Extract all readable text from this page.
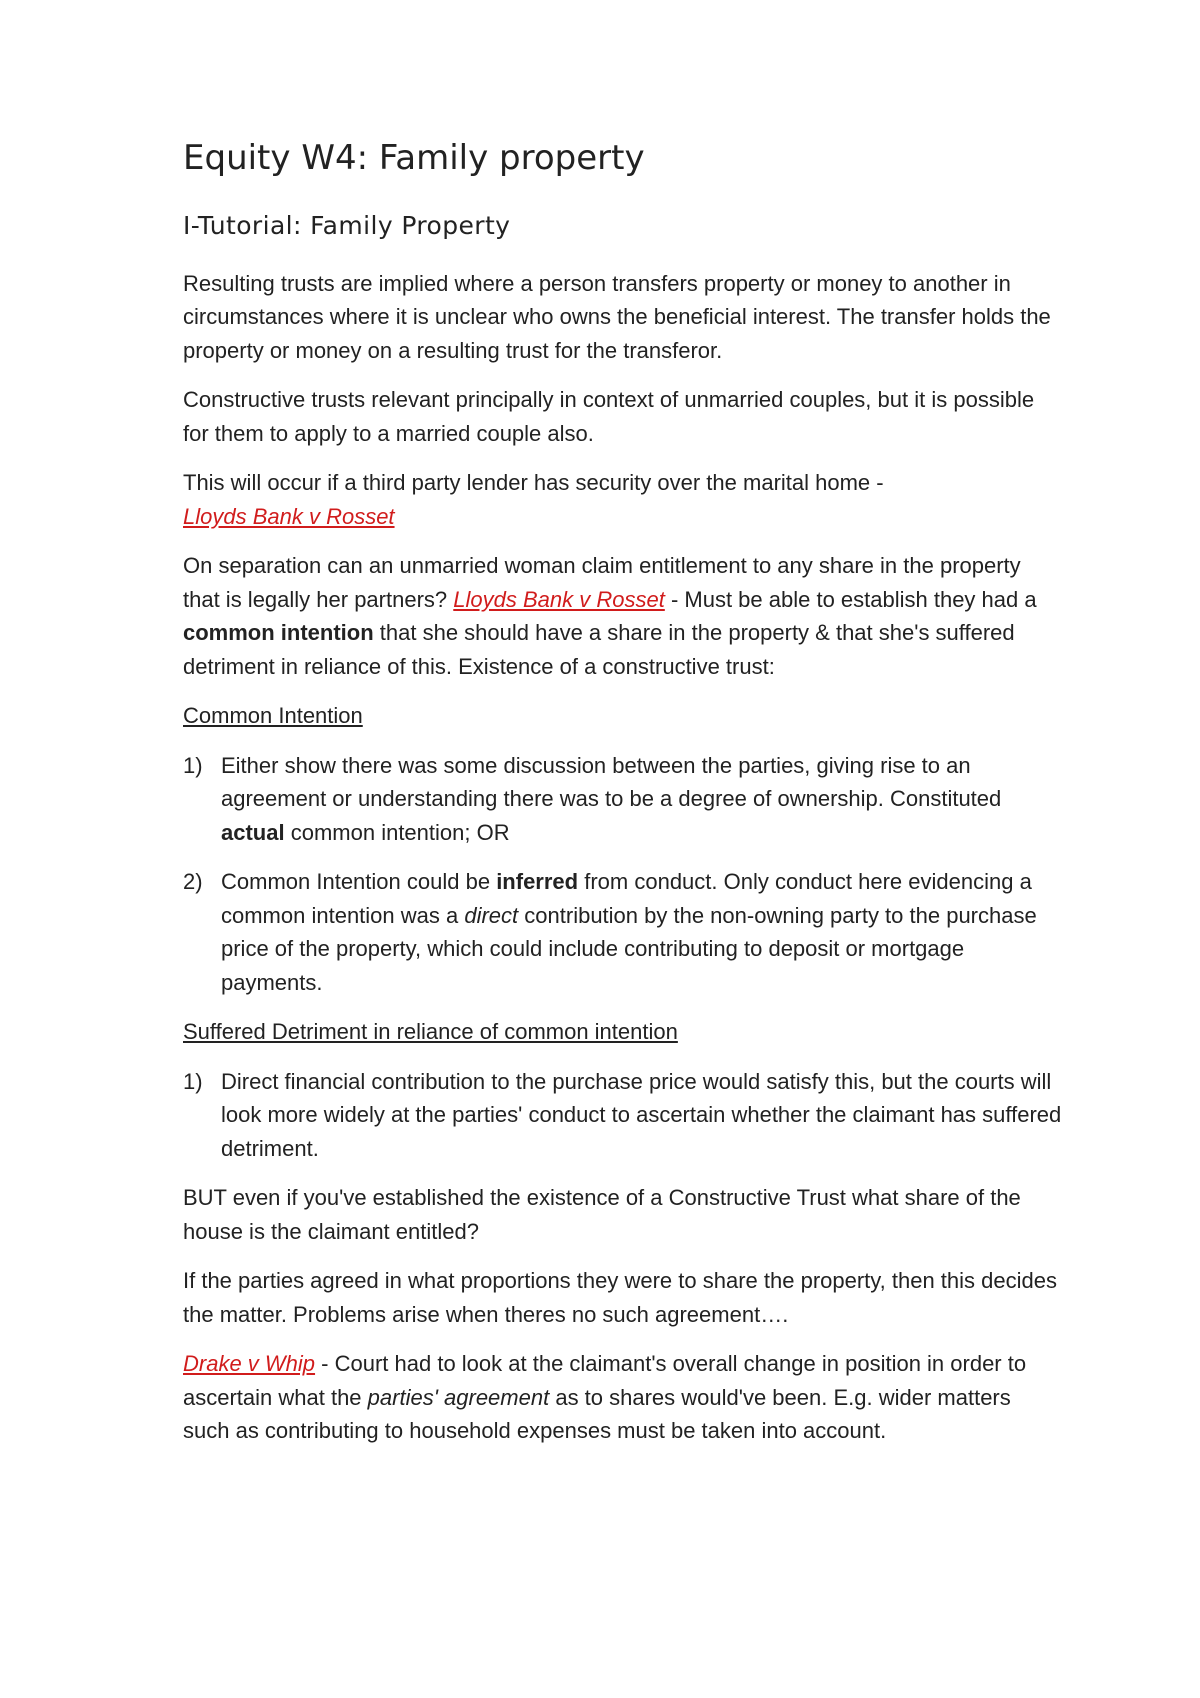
Equity W4: Family property
I-Tutorial: Family Property

Resulting trusts are implied where a person transfers property or money to another in circumstances where it is unclear who owns the beneficial interest. The transfer holds the property or money on a resulting trust for the transferor.

Constructive trusts relevant principally in context of unmarried couples, but it is possible for them to apply to a married couple also.

This will occur if a third party lender has security over the marital home -
Lloyds Bank v Rosset

On separation can an unmarried woman claim entitlement to any share in the property that is legally her partners? Lloyds Bank v Rosset - Must be able to establish they had a common intention that she should have a share in the property & that she's suffered detriment in reliance of this. Existence of a constructive trust:

Common Intention
1) Either show there was some discussion between the parties, giving rise to an agreement or understanding there was to be a degree of ownership. Constituted actual common intention; OR
2) Common Intention could be inferred from conduct. Only conduct here evidencing a common intention was a direct contribution by the non-owning party to the purchase price of the property, which could include contributing to deposit or mortgage payments.
Suffered Detriment in reliance of common intention
1) Direct financial contribution to the purchase price would satisfy this, but the courts will look more widely at the parties' conduct to ascertain whether the claimant has suffered detriment.

BUT even if you've established the existence of a Constructive Trust what share of the house is the claimant entitled?

If the parties agreed in what proportions they were to share the property, then this decides the matter. Problems arise when theres no such agreement….

Drake v Whip - Court had to look at the claimant's overall change in position in order to ascertain what the parties' agreement as to shares would've been. E.g. wider matters such as contributing to household expenses must be taken into account.
